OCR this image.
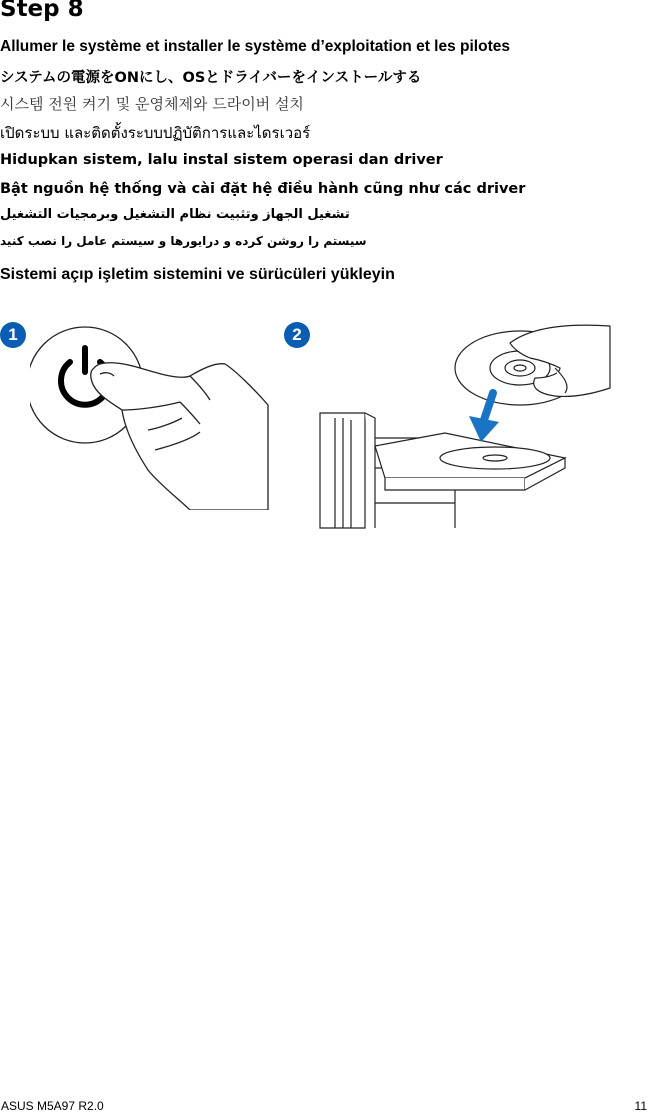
Step 8
Allumer le système et installer le système d’exploitation et les pilotes
システムの電源をONにし、OSとドライバーをインストールする
시스템 전원 켜기 및 운영체제와 드라이버 설치
เปิดระบบ และติดตั้งระบบปฏิบัติการและไดรเวอร์
Hidupkan sistem, lalu instal sistem operasi dan driver
Bật nguồn hệ thống và cài đặt hệ điều hành cũng như các driver
تشغيل الجهاز وتثبيت نظام التشغيل وبرمجيات التشغيل
سیستم را روشن کرده و درایورها و سیستم عامل را نصب کنید
Sistemi açıp işletim sistemini ve sürücüleri yükleyin
1	2
ASUS M5A97 R2.0	11
